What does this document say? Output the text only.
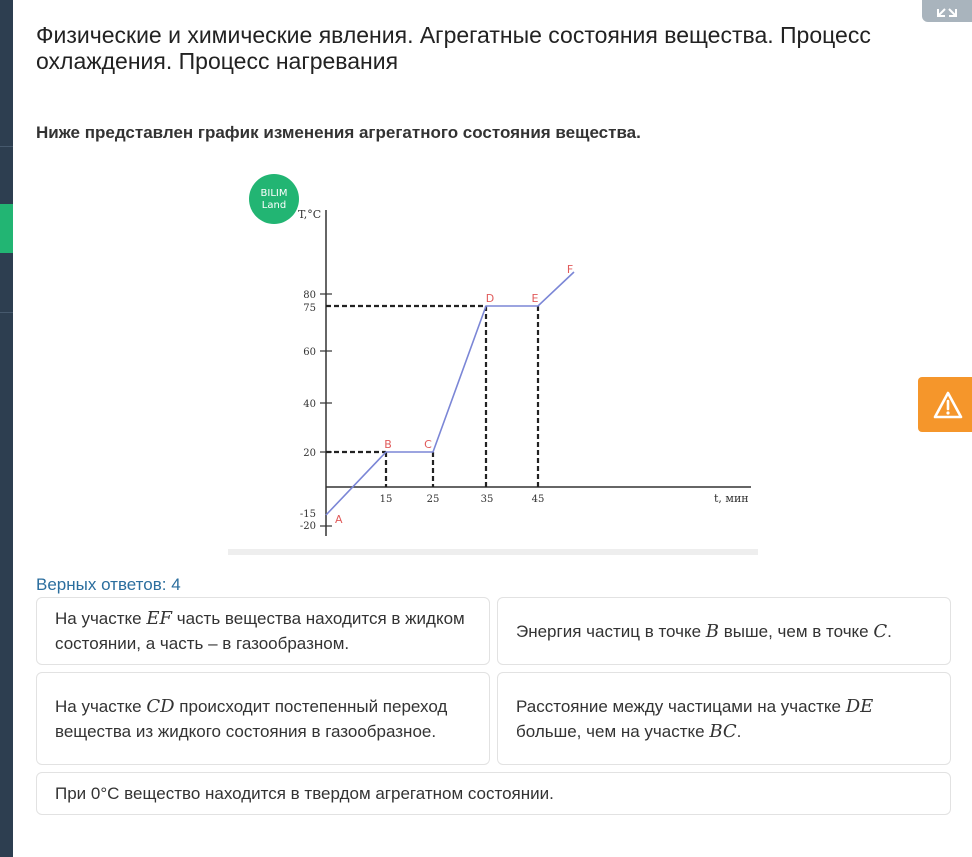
Физические и химические явления. Агрегатные состояния вещества. Процесс охлаждения. Процесс нагревания
Ниже представлен график изменения агрегатного состояния вещества.
BILIM
Land
T,°C
t, мин
80
75
60
40
20
-15
-20
15	25	35	45
A
B	C
D	E
F
Верных ответов: 4
На участке EF часть вещества находится в жидком состоянии, а часть – в газообразном.
Энергия частиц в точке B выше, чем в точке C.
На участке CD происходит постепенный переход вещества из жидкого состояния в газообразное.
Расстояние между частицами на участке DE больше, чем на участке BC.
При 0°С вещество находится в твердом агрегатном состоянии.
